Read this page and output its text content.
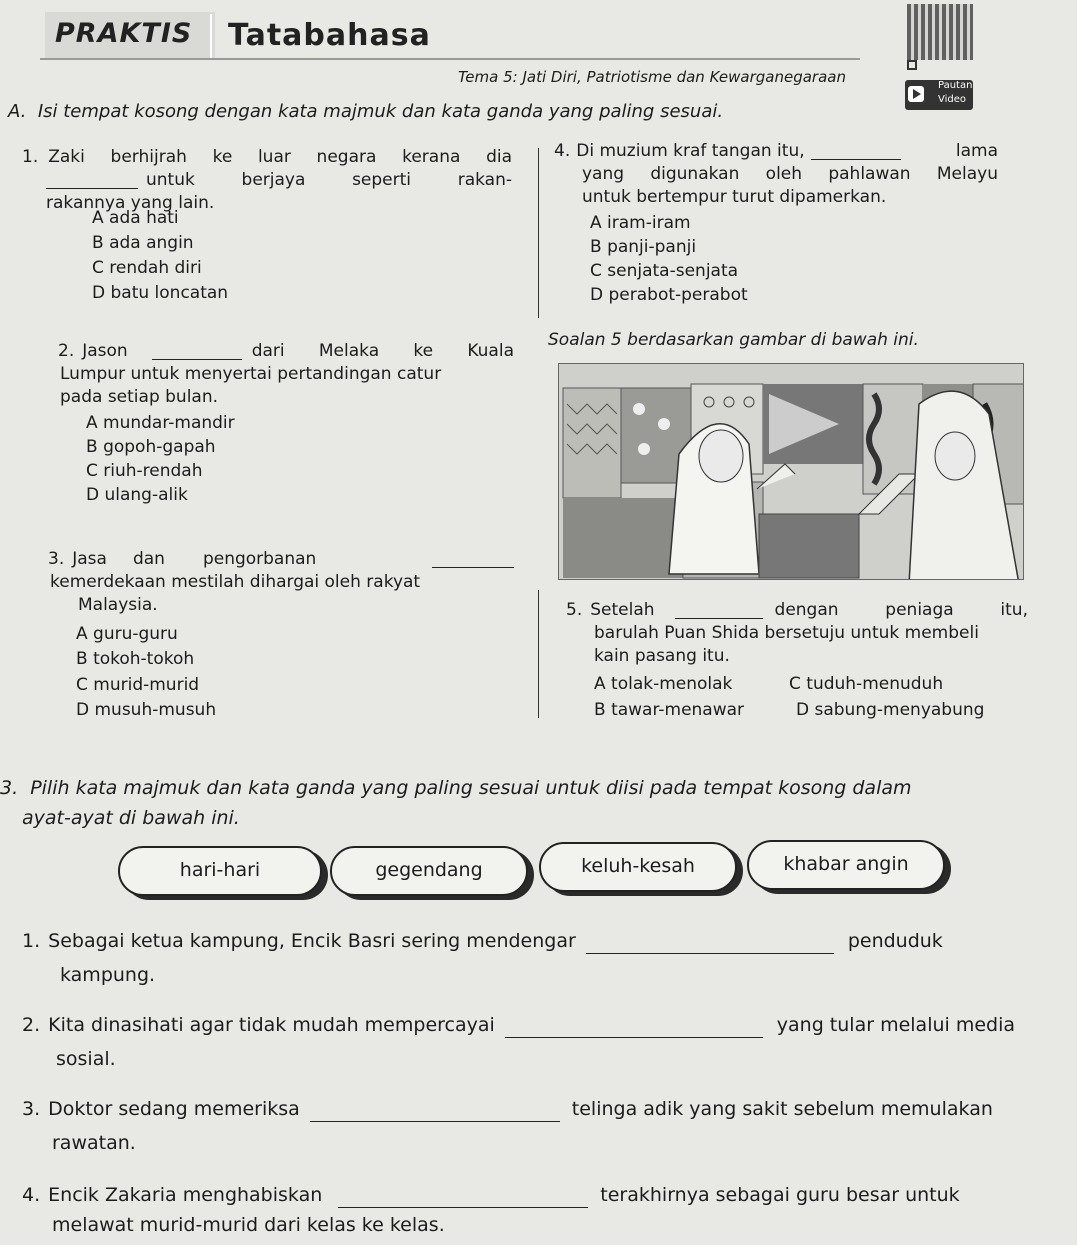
PRAKTIS Tatabahasa
Tema 5: Jati Diri, Patriotisme dan Kewarganegaraan	Pautan
Video
A. Isi tempat kosong dengan kata majmuk dan kata ganda yang paling sesuai.
1. Zaki berhijrah ke luar negara kerana dia
untuk berjaya seperti rakan-
rakannya yang lain.
A ada hati
B ada angin
C rendah diri
D batu loncatan
4. Di muzium kraf tangan itu,	lama
yang digunakan oleh pahlawan Melayu
untuk bertempur turut dipamerkan.
A iram-iram
B panji-panji
C senjata-senjata
D perabot-perabot
2. Jason	dari Melaka ke Kuala
Lumpur untuk menyertai pertandingan catur
pada setiap bulan.
A mundar-mandir
B gopoh-gapah
C riuh-rendah
D ulang-alik
Soalan 5 berdasarkan gambar di bawah ini.
3. Jasa dan pengorbanan
kemerdekaan mestilah dihargai oleh rakyat
Malaysia.
A guru-guru
B tokoh-tokoh
C murid-murid
D musuh-musuh
5. Setelah	dengan peniaga itu,
barulah Puan Shida bersetuju untuk membeli
kain pasang itu.
A tolak-menolak	C tuduh-menuduh
B tawar-menawar	D sabung-menyabung
3. Pilih kata majmuk dan kata ganda yang paling sesuai untuk diisi pada tempat kosong dalam
ayat-ayat di bawah ini.
hari-hari	gegendang	keluh-kesah	khabar angin
1. Sebagai ketua kampung, Encik Basri sering mendengar	penduduk
kampung.
2. Kita dinasihati agar tidak mudah mempercayai	yang tular melalui media
sosial.
3. Doktor sedang memeriksa	telinga adik yang sakit sebelum memulakan
rawatan.
4. Encik Zakaria menghabiskan	terakhirnya sebagai guru besar untuk
melawat murid-murid dari kelas ke kelas.
